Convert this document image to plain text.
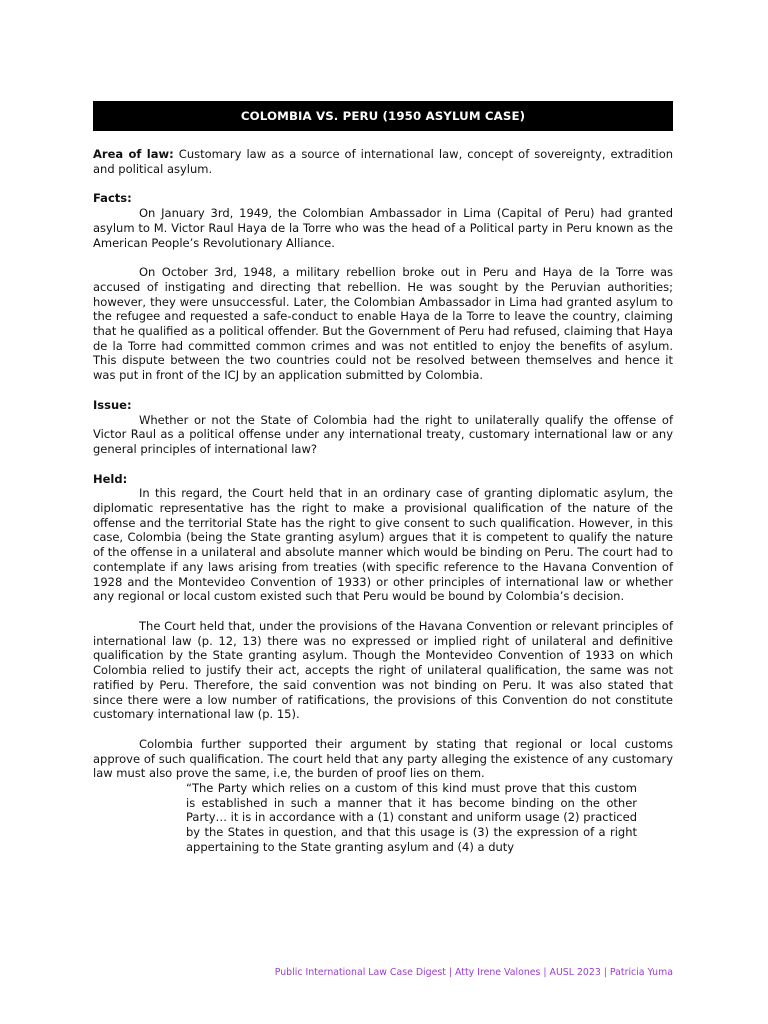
COLOMBIA VS. PERU (1950 ASYLUM CASE)

Area of law: Customary law as a source of international law, concept of sovereignty, extradition and political asylum.

Facts:

On January 3rd, 1949, the Colombian Ambassador in Lima (Capital of Peru) had granted asylum to M. Victor Raul Haya de la Torre who was the head of a Political party in Peru known as the American People’s Revolutionary Alliance.

On October 3rd, 1948, a military rebellion broke out in Peru and Haya de la Torre was accused of instigating and directing that rebellion. He was sought by the Peruvian authorities; however, they were unsuccessful. Later, the Colombian Ambassador in Lima had granted asylum to the refugee and requested a safe-conduct to enable Haya de la Torre to leave the country, claiming that he qualified as a political offender. But the Government of Peru had refused, claiming that Haya de la Torre had committed common crimes and was not entitled to enjoy the benefits of asylum. This dispute between the two countries could not be resolved between themselves and hence it was put in front of the ICJ by an application submitted by Colombia.

Issue:

Whether or not the State of Colombia had the right to unilaterally qualify the offense of Victor Raul as a political offense under any international treaty, customary international law or any general principles of international law?

Held:

In this regard, the Court held that in an ordinary case of granting diplomatic asylum, the diplomatic representative has the right to make a provisional qualification of the nature of the offense and the territorial State has the right to give consent to such qualification. However, in this case, Colombia (being the State granting asylum) argues that it is competent to qualify the nature of the offense in a unilateral and absolute manner which would be binding on Peru. The court had to contemplate if any laws arising from treaties (with specific reference to the Havana Convention of 1928 and the Montevideo Convention of 1933) or other principles of international law or whether any regional or local custom existed such that Peru would be bound by Colombia’s decision.

The Court held that, under the provisions of the Havana Convention or relevant principles of international law (p. 12, 13) there was no expressed or implied right of unilateral and definitive qualification by the State granting asylum. Though the Montevideo Convention of 1933 on which Colombia relied to justify their act, accepts the right of unilateral qualification, the same was not ratified by Peru. Therefore, the said convention was not binding on Peru. It was also stated that since there were a low number of ratifications, the provisions of this Convention do not constitute customary international law (p. 15).

Colombia further supported their argument by stating that regional or local customs approve of such qualification. The court held that any party alleging the existence of any customary law must also prove the same, i.e, the burden of proof lies on them.

“The Party which relies on a custom of this kind must prove that this custom is established in such a manner that it has become binding on the other Party… it is in accordance with a (1) constant and uniform usage (2) practiced by the States in question, and that this usage is (3) the expression of a right appertaining to the State granting asylum and (4) a duty

Public International Law Case Digest | Atty Irene Valones | AUSL 2023 | Patricia Yuma
